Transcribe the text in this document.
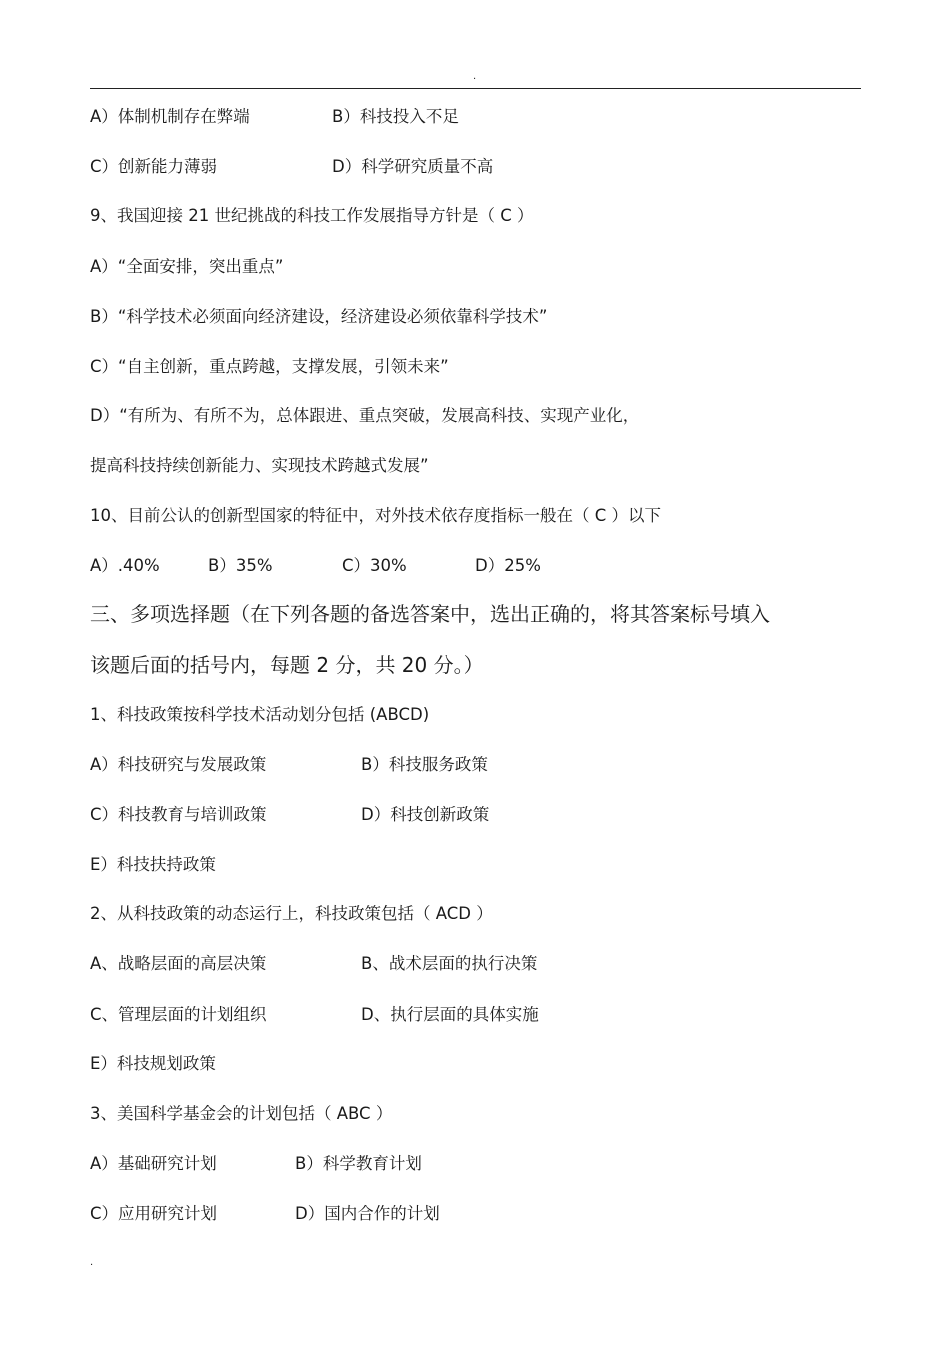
.
A）体制机制存在弊端	B）科技投入不足
C）创新能力薄弱	D）科学研究质量不高
9、我国迎接 21 世纪挑战的科技工作发展指导方针是（ C ）
A）“全面安排，突出重点”
B）“科学技术必须面向经济建设，经济建设必须依靠科学技术”
C）“自主创新，重点跨越，支撑发展，引领未来”
D）“有所为、有所不为，总体跟进、重点突破，发展高科技、实现产业化，
提高科技持续创新能力、实现技术跨越式发展”
10、目前公认的创新型国家的特征中，对外技术依存度指标一般在（ C ）以下
A）.40%	B）35%	C）30%	D）25%
三、多项选择题（在下列各题的备选答案中，选出正确的，将其答案标号填入
该题后面的括号内，每题 2 分，共 20 分。）
1、科技政策按科学技术活动划分包括 (ABCD)
A）科技研究与发展政策	B）科技服务政策
C）科技教育与培训政策	D）科技创新政策
E）科技扶持政策
2、从科技政策的动态运行上，科技政策包括（ ACD ）
A、战略层面的高层决策	B、战术层面的执行决策
C、管理层面的计划组织	D、执行层面的具体实施
E）科技规划政策
3、美国科学基金会的计划包括（ ABC ）
A）基础研究计划	B）科学教育计划
C）应用研究计划	D）国内合作的计划
.
